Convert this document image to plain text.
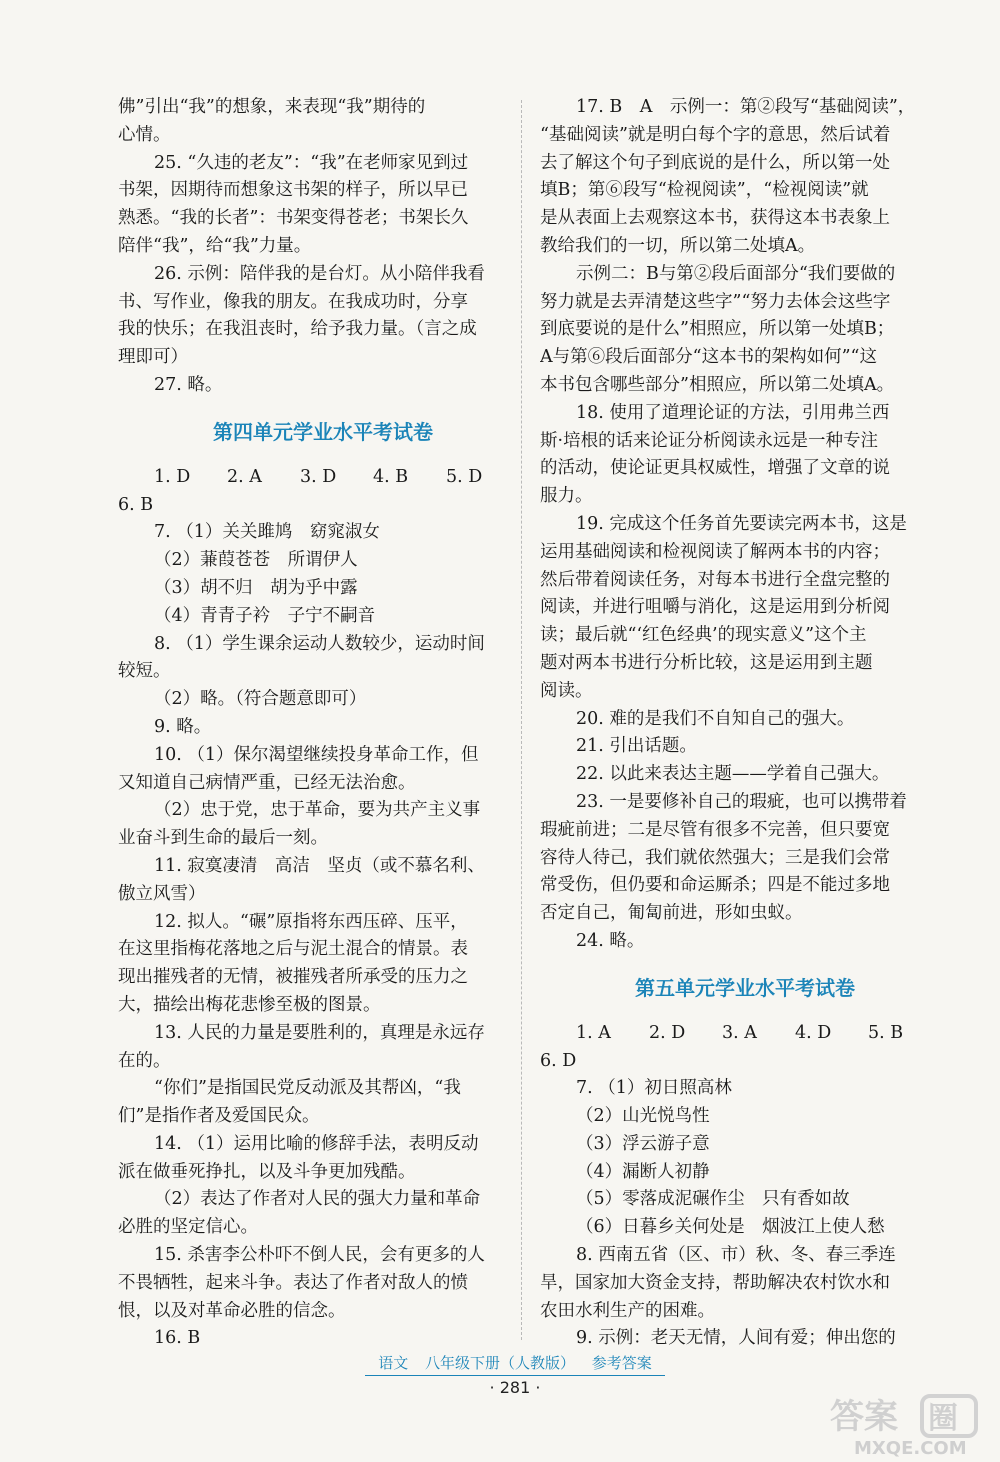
佛”引出“我”的想象，来表现“我”期待的
心情。
25. “久违的老友”：“我”在老师家见到过
书架，因期待而想象这书架的样子，所以早已
熟悉。“我的长者”：书架变得苍老；书架长久
陪伴“我”，给“我”力量。
26. 示例：陪伴我的是台灯。从小陪伴我看
书、写作业，像我的朋友。在我成功时，分享
我的快乐；在我沮丧时，给予我力量。（言之成
理即可）
27. 略。
第四单元学业水平考试卷
1. D	2. A	3. D	4. B	5. D
6. B
7. （1）关关雎鸠　窈窕淑女
（2）蒹葭苍苍　所谓伊人
（3）胡不归　胡为乎中露
（4）青青子衿　子宁不嗣音
8. （1）学生课余运动人数较少，运动时间
较短。
（2）略。（符合题意即可）
9. 略。
10. （1）保尔渴望继续投身革命工作，但
又知道自己病情严重，已经无法治愈。
（2）忠于党，忠于革命，要为共产主义事
业奋斗到生命的最后一刻。
11. 寂寞凄清　高洁　坚贞（或不慕名利、
傲立风雪）
12. 拟人。“碾”原指将东西压碎、压平，
在这里指梅花落地之后与泥土混合的情景。表
现出摧残者的无情，被摧残者所承受的压力之
大，描绘出梅花悲惨至极的图景。
13. 人民的力量是要胜利的，真理是永远存
在的。
“你们”是指国民党反动派及其帮凶，“我
们”是指作者及爱国民众。
14. （1）运用比喻的修辞手法，表明反动
派在做垂死挣扎，以及斗争更加残酷。
（2）表达了作者对人民的强大力量和革命
必胜的坚定信心。
15. 杀害李公朴吓不倒人民，会有更多的人
不畏牺牲，起来斗争。表达了作者对敌人的愤
恨，以及对革命必胜的信念。
16. B
17. B　A　示例一：第②段写“基础阅读”，
“基础阅读”就是明白每个字的意思，然后试着
去了解这个句子到底说的是什么，所以第一处
填B；第⑥段写“检视阅读”，“检视阅读”就
是从表面上去观察这本书，获得这本书表象上
教给我们的一切，所以第二处填A。
示例二：B与第②段后面部分“我们要做的
努力就是去弄清楚这些字”“努力去体会这些字
到底要说的是什么”相照应，所以第一处填B；
A与第⑥段后面部分“这本书的架构如何”“这
本书包含哪些部分”相照应，所以第二处填A。
18. 使用了道理论证的方法，引用弗兰西
斯·培根的话来论证分析阅读永远是一种专注
的活动，使论证更具权威性，增强了文章的说
服力。
19. 完成这个任务首先要读完两本书，这是
运用基础阅读和检视阅读了解两本书的内容；
然后带着阅读任务，对每本书进行全盘完整的
阅读，并进行咀嚼与消化，这是运用到分析阅
读；最后就“‘红色经典’的现实意义”这个主
题对两本书进行分析比较，这是运用到主题
阅读。
20. 难的是我们不自知自己的强大。
21. 引出话题。
22. 以此来表达主题——学着自己强大。
23. 一是要修补自己的瑕疵，也可以携带着
瑕疵前进；二是尽管有很多不完善，但只要宽
容待人待己，我们就依然强大；三是我们会常
常受伤，但仍要和命运厮杀；四是不能过多地
否定自己，匍匐前进，形如虫蚁。
24. 略。
第五单元学业水平考试卷
1. A	2. D	3. A	4. D	5. B
6. D
7. （1）初日照高林
（2）山光悦鸟性
（3）浮云游子意
（4）漏断人初静
（5）零落成泥碾作尘　只有香如故
（6）日暮乡关何处是　烟波江上使人愁
8. 西南五省（区、市）秋、冬、春三季连
旱，国家加大资金支持，帮助解决农村饮水和
农田水利生产的困难。
9. 示例：老天无情，人间有爱；伸出您的
语文 八年级下册（人教版） 参考答案
· 281 ·
答案 圈
MXQE.COM
